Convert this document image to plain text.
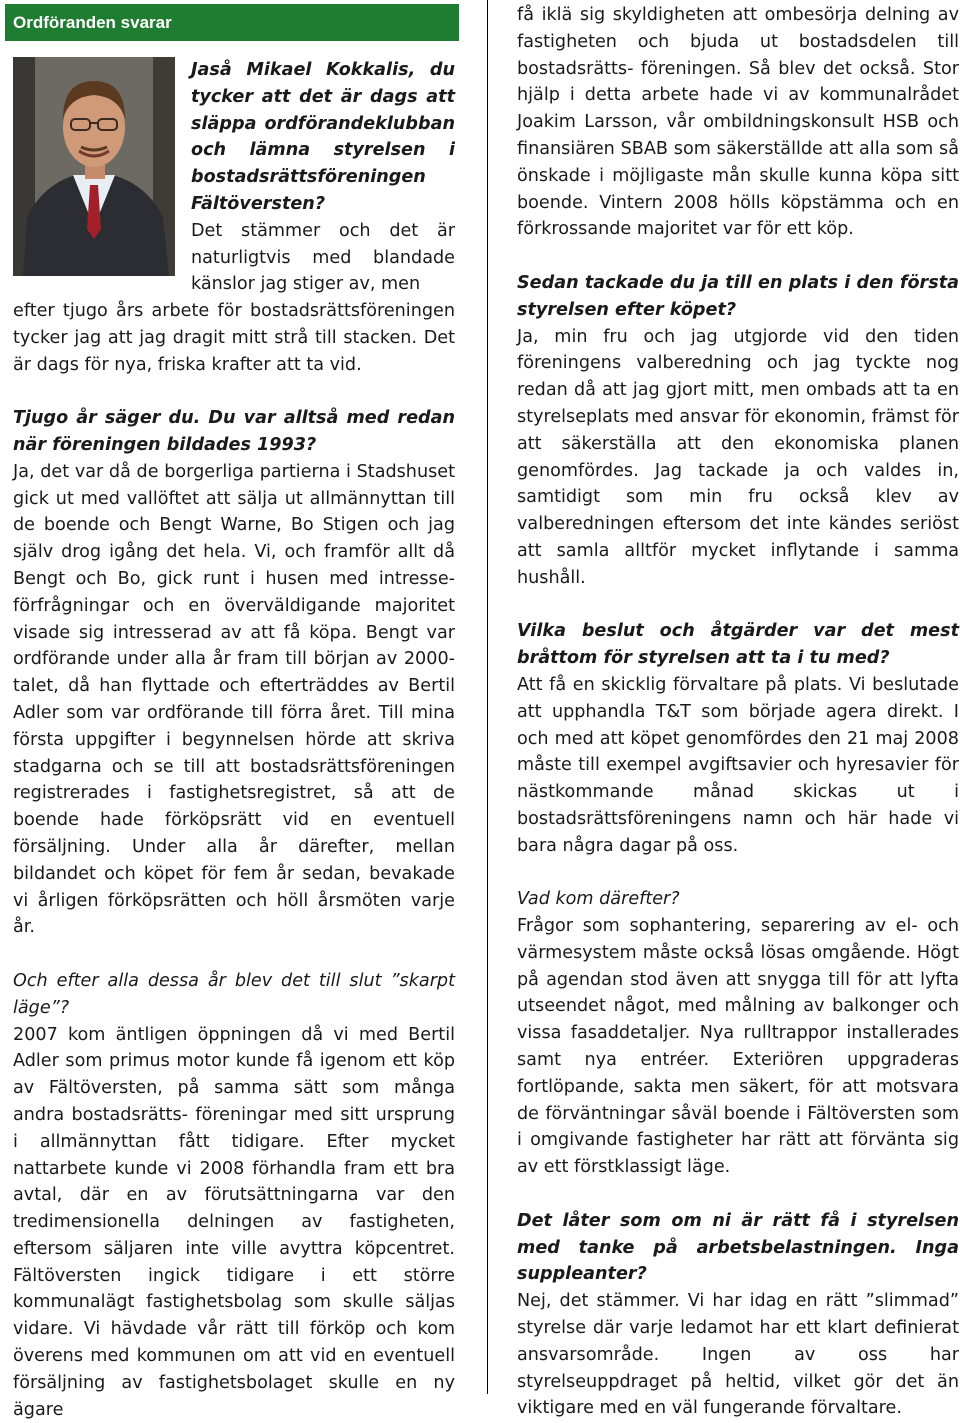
Ordföranden svarar

Jaså Mikael Kokkalis, du tycker att det är dags att släppa ordförandeklubban och lämna styrelsen i bostadsrättsföreningen Fältöversten?

Det stämmer och det är naturligtvis med blandade känslor jag stiger av, men

efter tjugo års arbete för bostadsrättsföreningen tycker jag att jag dragit mitt strå till stacken. Det är dags för nya, friska krafter att ta vid.

Tjugo år säger du. Du var alltså med redan när föreningen bildades 1993?

Ja, det var då de borgerliga partierna i Stadshuset gick ut med vallöftet att sälja ut allmännyttan till de boende och Bengt Warne, Bo Stigen och jag själv drog igång det hela. Vi, och framför allt då Bengt och Bo, gick runt i husen med intresse-förfrågningar och en överväldigande majoritet visade sig intresserad av att få köpa. Bengt var ordförande under alla år fram till början av 2000-talet, då han flyttade och efterträddes av Bertil Adler som var ordförande till förra året. Till mina första uppgifter i begynnelsen hörde att skriva stadgarna och se till att bostadsrättsföreningen registrerades i fastighetsregistret, så att de boende hade förköpsrätt vid en eventuell försäljning. Under alla år därefter, mellan bildandet och köpet för fem år sedan, bevakade vi årligen förköpsrätten och höll årsmöten varje år.

Och efter alla dessa år blev det till slut ”skarpt läge”?

2007 kom äntligen öppningen då vi med Bertil Adler som primus motor kunde få igenom ett köp av Fältöversten, på samma sätt som många andra bostadsrätts- föreningar med sitt ursprung i allmännyttan fått tidigare. Efter mycket nattarbete kunde vi 2008 förhandla fram ett bra avtal, där en av förutsättningarna var den tredimensionella delningen av fastigheten, eftersom säljaren inte ville avyttra köpcentret. Fältöversten ingick tidigare i ett större kommunalägt fastighetsbolag som skulle säljas vidare. Vi hävdade vår rätt till förköp och kom överens med kommunen om att vid en eventuell försäljning av fastighetsbolaget skulle en ny ägare

få iklä sig skyldigheten att ombesörja delning av fastigheten och bjuda ut bostadsdelen till bostadsrätts- föreningen. Så blev det också. Stor hjälp i detta arbete hade vi av kommunalrådet Joakim Larsson, vår ombildningskonsult HSB och finansiären SBAB som säkerställde att alla som så önskade i möjligaste mån skulle kunna köpa sitt boende. Vintern 2008 hölls köpstämma och en förkrossande majoritet var för ett köp.

Sedan tackade du ja till en plats i den första styrelsen efter köpet?

Ja, min fru och jag utgjorde vid den tiden föreningens valberedning och jag tyckte nog redan då att jag gjort mitt, men ombads att ta en styrelseplats med ansvar för ekonomin, främst för att säkerställa att den ekonomiska planen genomfördes. Jag tackade ja och valdes in, samtidigt som min fru också klev av valberedningen eftersom det inte kändes seriöst att samla alltför mycket inflytande i samma hushåll.

Vilka beslut och åtgärder var det mest bråttom för styrelsen att ta i tu med?

Att få en skicklig förvaltare på plats. Vi beslutade att upphandla T&T som började agera direkt. I och med att köpet genomfördes den 21 maj 2008 måste till exempel avgiftsavier och hyresavier för nästkommande månad skickas ut i bostadsrättsföreningens namn och här hade vi bara några dagar på oss.

Vad kom därefter?

Frågor som sophantering, separering av el- och värmesystem måste också lösas omgående. Högt på agendan stod även att snygga till för att lyfta utseendet något, med målning av balkonger och vissa fasaddetaljer. Nya rulltrappor installerades samt nya entréer. Exteriören uppgraderas fortlöpande, sakta men säkert, för att motsvara de förväntningar såväl boende i Fältöversten som i omgivande fastigheter har rätt att förvänta sig av ett förstklassigt läge.

Det låter som om ni är rätt få i styrelsen med tanke på arbetsbelastningen. Inga suppleanter?

Nej, det stämmer. Vi har idag en rätt ”slimmad” styrelse där varje ledamot har ett klart definierat ansvarsområde. Ingen av oss har styrelseuppdraget på heltid, vilket gör det än viktigare med en väl fungerande förvaltare.
